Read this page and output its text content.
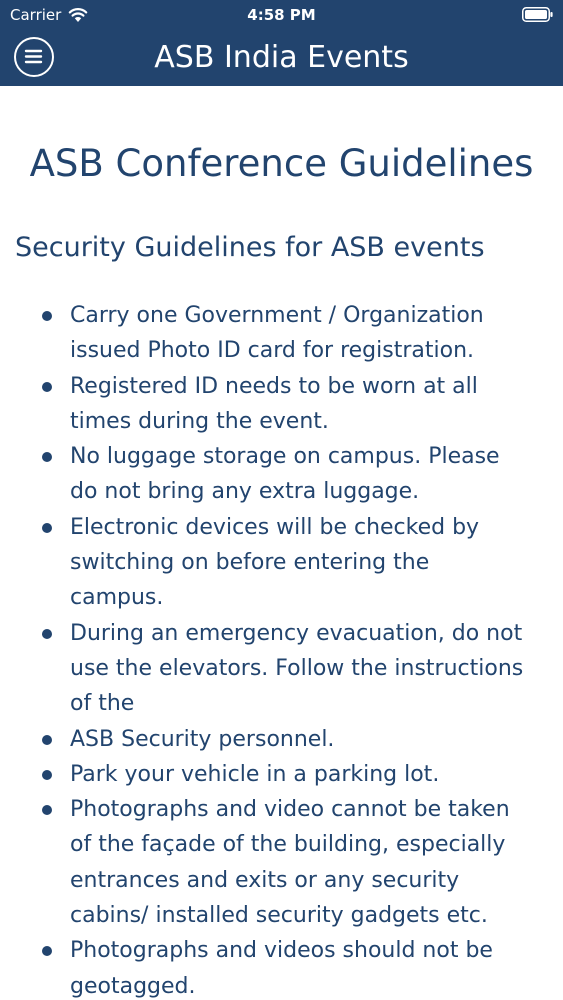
Carrier	4:58 PM
ASB India Events
ASB Conference Guidelines
Security Guidelines for ASB events
Carry one Government / Organization
issued Photo ID card for registration.
Registered ID needs to be worn at all
times during the event.
No luggage storage on campus. Please
do not bring any extra luggage.
Electronic devices will be checked by
switching on before entering the
campus.
During an emergency evacuation, do not
use the elevators. Follow the instructions
of the
ASB Security personnel.
Park your vehicle in a parking lot.
Photographs and video cannot be taken
of the façade of the building, especially
entrances and exits or any security
cabins/ installed security gadgets etc.
Photographs and videos should not be
geotagged.
